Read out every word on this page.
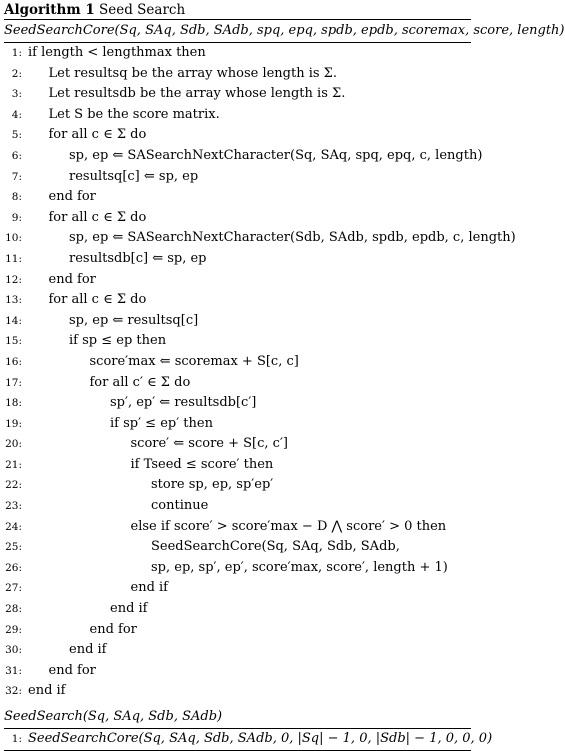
Algorithm 1 Seed Search
SeedSearchCore(Sq, SAq, Sdb, SAdb, spq, epq, spdb, epdb, scoremax, score, length)
1: if length < lengthmax then
2: Let resultsq be the array whose length is Σ.
3: Let resultsdb be the array whose length is Σ.
4: Let S be the score matrix.
5: for all c ∈ Σ do
6:	sp, ep ⇐ SASearchNextCharacter(Sq, SAq, spq, epq, c, length)
7:	resultsq[c] ⇐ sp, ep
8: end for
9: for all c ∈ Σ do
10:	sp, ep ⇐ SASearchNextCharacter(Sdb, SAdb, spdb, epdb, c, length)
11:	resultsdb[c] ⇐ sp, ep
12: end for
13: for all c ∈ Σ do
14:	sp, ep ⇐ resultsq[c]
15:	if sp ≤ ep then
16:	score′max ⇐ scoremax + S[c, c]
17:	for all c′ ∈ Σ do
18:	sp′, ep′ ⇐ resultsdb[c′]
19:	if sp′ ≤ ep′ then
20:	score′ ⇐ score + S[c, c′]
21:	if Tseed ≤ score′ then
22:	store sp, ep, sp′ep′
23:	continue
24:	else if score′ > score′max − D ⋀ score′ > 0 then
25:	SeedSearchCore(Sq, SAq, Sdb, SAdb,
26:	sp, ep, sp′, ep′, score′max, score′, length + 1)
27:	end if
28:	end if
29:	end for
30:	end if
31: end for
32: end if
SeedSearch(Sq, SAq, Sdb, SAdb)
1: SeedSearchCore(Sq, SAq, Sdb, SAdb, 0, |Sq| − 1, 0, |Sdb| − 1, 0, 0, 0)
